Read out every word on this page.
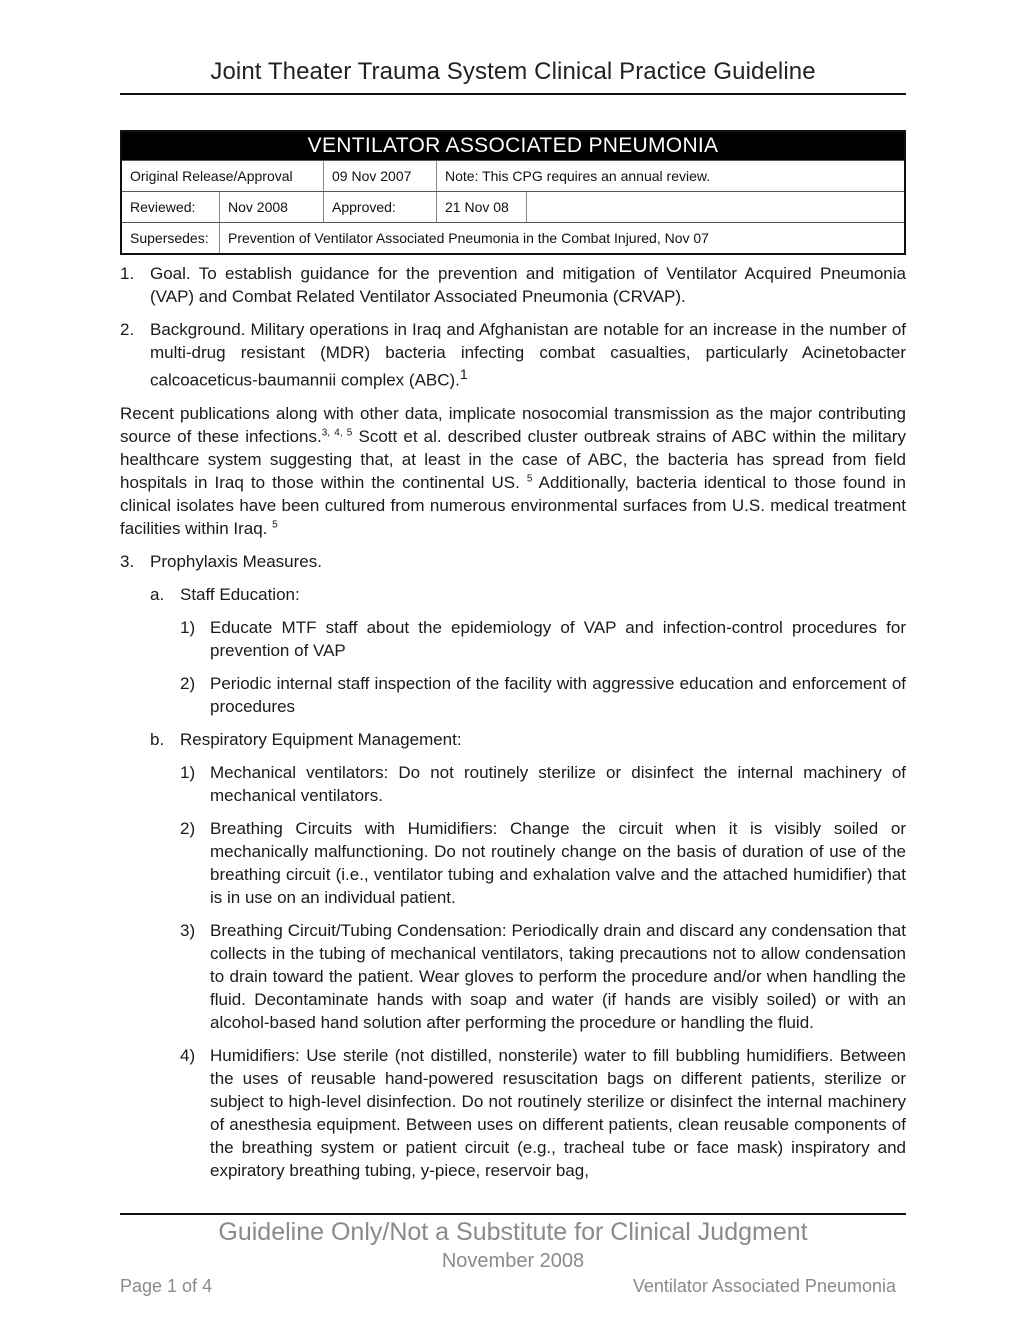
Joint Theater Trauma System Clinical Practice Guideline
VENTILATOR ASSOCIATED PNEUMONIA
Original Release/Approval	09 Nov 2007	Note: This CPG requires an annual review.
Reviewed:	Nov 2008	Approved:	21 Nov 08
Supersedes:	Prevention of Ventilator Associated Pneumonia in the Combat Injured, Nov 07
1. Goal. To establish guidance for the prevention and mitigation of Ventilator Acquired Pneumonia (VAP) and Combat Related Ventilator Associated Pneumonia (CRVAP).
2. Background. Military operations in Iraq and Afghanistan are notable for an increase in the number of multi-drug resistant (MDR) bacteria infecting combat casualties, particularly Acinetobacter calcoaceticus-baumannii complex (ABC).$^1$

Recent publications along with other data, implicate nosocomial transmission as the major contributing source of these infections.$^{3, 4, 5}$ Scott et al. described cluster outbreak strains of ABC within the military healthcare system suggesting that, at least in the case of ABC, the bacteria has spread from field hospitals in Iraq to those within the continental US. $^5$ Additionally, bacteria identical to those found in clinical isolates have been cultured from numerous environmental surfaces from U.S. medical treatment facilities within Iraq. $^5$

3. Prophylaxis Measures.
a. Staff Education:
1) Educate MTF staff about the epidemiology of VAP and infection-control procedures for prevention of VAP
2) Periodic internal staff inspection of the facility with aggressive education and enforcement of procedures
b. Respiratory Equipment Management:
1) Mechanical ventilators: Do not routinely sterilize or disinfect the internal machinery of mechanical ventilators.
2) Breathing Circuits with Humidifiers: Change the circuit when it is visibly soiled or mechanically malfunctioning. Do not routinely change on the basis of duration of use of the breathing circuit (i.e., ventilator tubing and exhalation valve and the attached humidifier) that is in use on an individual patient.
3) Breathing Circuit/Tubing Condensation: Periodically drain and discard any condensation that collects in the tubing of mechanical ventilators, taking precautions not to allow condensation to drain toward the patient. Wear gloves to perform the procedure and/or when handling the fluid. Decontaminate hands with soap and water (if hands are visibly soiled) or with an alcohol-based hand solution after performing the procedure or handling the fluid.
4) Humidifiers: Use sterile (not distilled, nonsterile) water to fill bubbling humidifiers. Between the uses of reusable hand-powered resuscitation bags on different patients, sterilize or subject to high-level disinfection. Do not routinely sterilize or disinfect the internal machinery of anesthesia equipment. Between uses on different patients, clean reusable components of the breathing system or patient circuit (e.g., tracheal tube or face mask) inspiratory and expiratory breathing tubing, y-piece, reservoir bag,
Guideline Only/Not a Substitute for Clinical Judgment
November 2008
Page 1 of 4	Ventilator Associated Pneumonia
